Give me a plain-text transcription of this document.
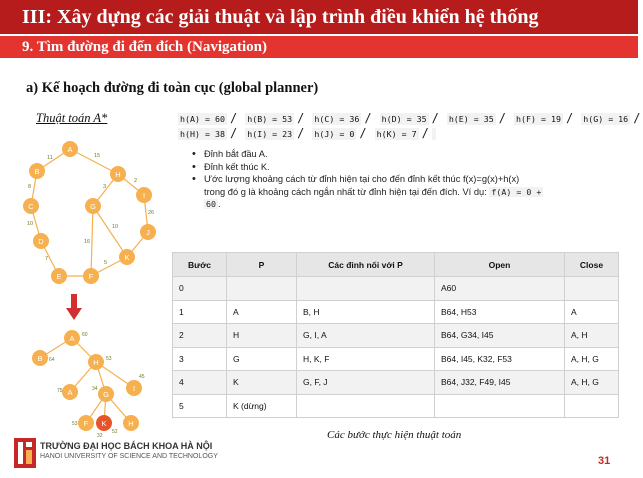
III: Xây dựng các giải thuật và lập trình điều khiển hệ thống
9. Tìm đường đi đến đích (Navigation)
a) Kế hoạch đường đi toàn cục (global planner)
Thuật toán A*
11	15
8	3
2
10
16
26
10
5
7
A
B	H
I
C	G
J
D
K
E	F
A
B	H
A	G
I
F K	H
60
64	53
75	34
45
53
32
52
h(A) = 60 / h(B) = 53 / h(C) = 36 / h(D) = 35 / h(E) = 35 / h(F) = 19 / h(G) = 16 /
h(H) = 38 / h(I) = 23 / h(J) = 0 / h(K) = 7 /
• Đỉnh bắt đầu A.
• Đỉnh kết thúc K.
• Ước lượng khoảng cách từ đỉnh hiện tại cho đến đỉnh kết thúc f(x)=g(x)+h(x)
trong đó g là khoảng cách ngắn nhất từ đỉnh hiện tại đến đích. Ví dụ: f(A) = 0 +
60 .
Bước	P	Các đỉnh nối với P	Open	Close
0			A60	
1	A	B, H	B64, H53	A
2	H	G, I, A	B64, G34, I45	A, H
3	G	H, K, F	B64, I45, K32, F53	A, H, G
4	K	G, F, J	B64, J32, F49, I45	A, H, G
5	K (dừng)			
Các bước thực hiện thuật toán
TRƯỜNG ĐẠI HỌC BÁCH KHOA HÀ NỘI
HANOI UNIVERSITY OF SCIENCE AND TECHNOLOGY	31
